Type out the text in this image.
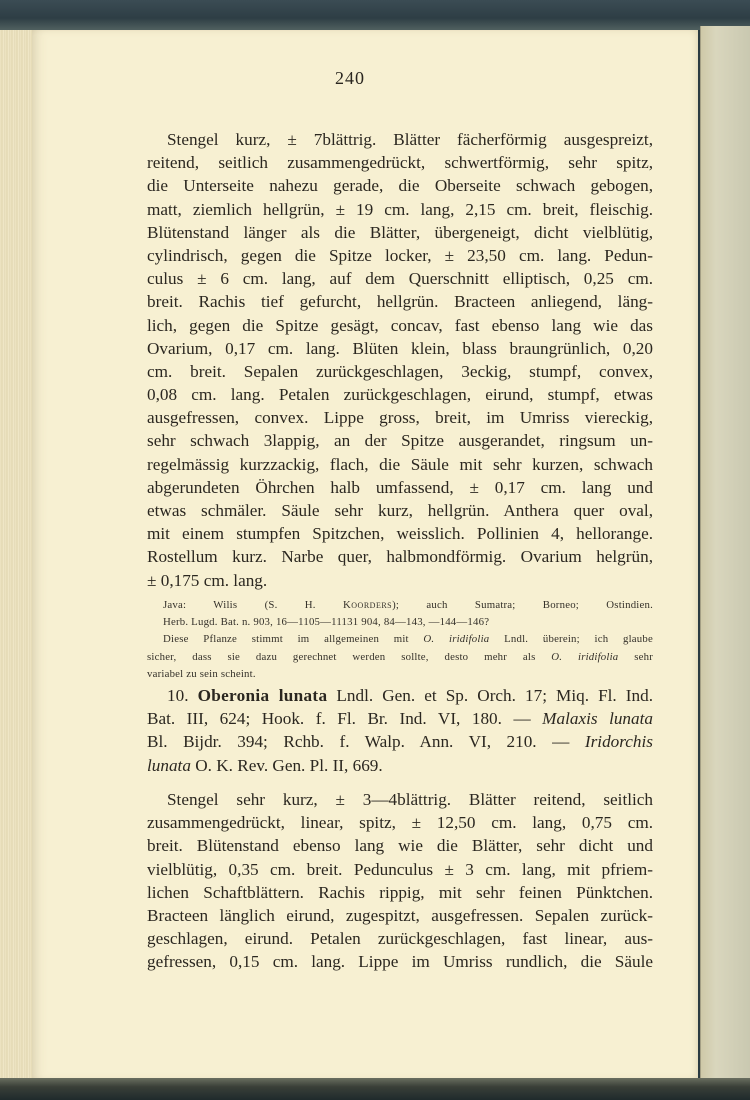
240
Stengel kurz, ± 7blättrig. Blätter fächerförmig ausgespreizt,
reitend, seitlich zusammengedrückt, schwertförmig, sehr spitz,
die Unterseite nahezu gerade, die Oberseite schwach gebogen,
matt, ziemlich hellgrün, ± 19 cm. lang, 2,15 cm. breit, fleischig.
Blütenstand länger als die Blätter, übergeneigt, dicht vielblütig,
cylindrisch, gegen die Spitze locker, ± 23,50 cm. lang. Pedun-
culus ± 6 cm. lang, auf dem Querschnitt elliptisch, 0,25 cm.
breit. Rachis tief gefurcht, hellgrün. Bracteen anliegend, läng-
lich, gegen die Spitze gesägt, concav, fast ebenso lang wie das
Ovarium, 0,17 cm. lang. Blüten klein, blass braungrünlich, 0,20
cm. breit. Sepalen zurückgeschlagen, 3eckig, stumpf, convex,
0,08 cm. lang. Petalen zurückgeschlagen, eirund, stumpf, etwas
ausgefressen, convex. Lippe gross, breit, im Umriss viereckig,
sehr schwach 3lappig, an der Spitze ausgerandet, ringsum un-
regelmässig kurzzackig, flach, die Säule mit sehr kurzen, schwach
abgerundeten Öhrchen halb umfassend, ± 0,17 cm. lang und
etwas schmäler. Säule sehr kurz, hellgrün. Anthera quer oval,
mit einem stumpfen Spitzchen, weisslich. Pollinien 4, hellorange.
Rostellum kurz. Narbe quer, halbmondförmig. Ovarium helgrün,
± 0,175 cm. lang.
Java: Wilis (S. H. Koorders); auch Sumatra; Borneo; Ostindien.
Herb. Lugd. Bat. n. 903, 16—1105—11131 904, 84—143, —144—146?
Diese Pflanze stimmt im allgemeinen mit O. iridifolia Lndl. überein; ich glaube
sicher, dass sie dazu gerechnet werden sollte, desto mehr als O. iridifolia sehr
variabel zu sein scheint.
10. Oberonia lunata Lndl. Gen. et Sp. Orch. 17; Miq. Fl. Ind.
Bat. III, 624; Hook. f. Fl. Br. Ind. VI, 180. — Malaxis lunata
Bl. Bijdr. 394; Rchb. f. Walp. Ann. VI, 210. — Iridorchis
lunata O. K. Rev. Gen. Pl. II, 669.
Stengel sehr kurz, ± 3—4blättrig. Blätter reitend, seitlich
zusammengedrückt, linear, spitz, ± 12,50 cm. lang, 0,75 cm.
breit. Blütenstand ebenso lang wie die Blätter, sehr dicht und
vielblütig, 0,35 cm. breit. Pedunculus ± 3 cm. lang, mit pfriem-
lichen Schaftblättern. Rachis rippig, mit sehr feinen Pünktchen.
Bracteen länglich eirund, zugespitzt, ausgefressen. Sepalen zurück-
geschlagen, eirund. Petalen zurückgeschlagen, fast linear, aus-
gefressen, 0,15 cm. lang. Lippe im Umriss rundlich, die Säule
